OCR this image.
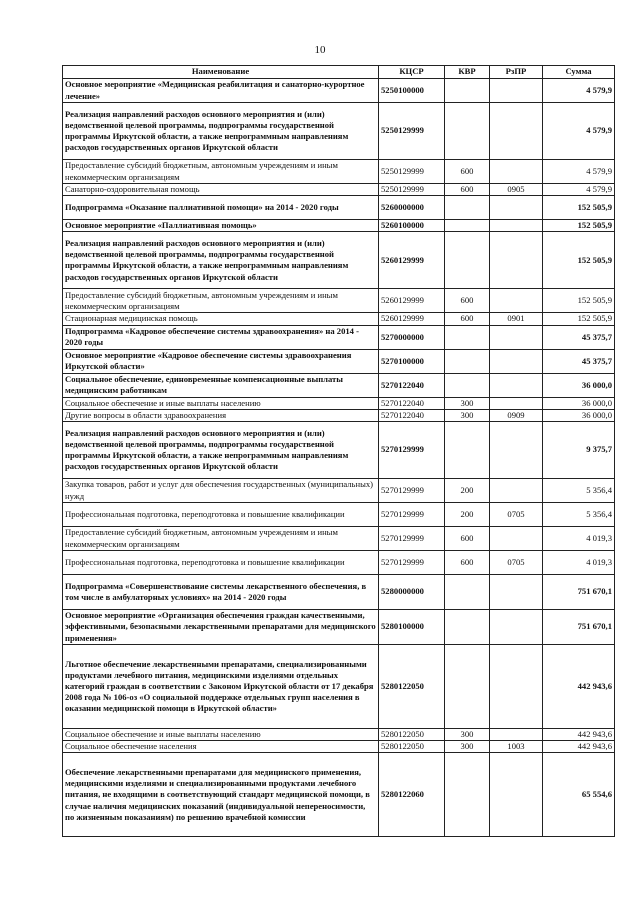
10
Наименование	КЦСР	КВР	РзПР	Сумма
Основное мероприятие «Медицинская реабилитация и санаторно-курортное лечение»	5250100000			4 579,9
Реализация направлений расходов основного мероприятия и (или) ведомственной целевой программы, подпрограммы государственной программы Иркутской области, а также непрограммным направлениям расходов государственных органов Иркутской области	5250129999			4 579,9
Предоставление субсидий бюджетным, автономным учреждениям и иным некоммерческим организациям	5250129999	600		4 579,9
Санаторно-оздоровительная помощь	5250129999	600	0905	4 579,9
Подпрограмма «Оказание паллиативной помощи» на 2014 - 2020 годы	5260000000			152 505,9
Основное мероприятие «Паллиативная помощь»	5260100000			152 505,9
Реализация направлений расходов основного мероприятия и (или) ведомственной целевой программы, подпрограммы государственной программы Иркутской области, а также непрограммным направлениям расходов государственных органов Иркутской области	5260129999			152 505,9
Предоставление субсидий бюджетным, автономным учреждениям и иным некоммерческим организациям	5260129999	600		152 505,9
Стационарная медицинская помощь	5260129999	600	0901	152 505,9
Подпрограмма «Кадровое обеспечение системы здравоохранения» на 2014 - 2020 годы	5270000000			45 375,7
Основное мероприятие «Кадровое обеспечение системы здравоохранения Иркутской области»	5270100000			45 375,7
Социальное обеспечение, единовременные компенсационные выплаты медицинским работникам	5270122040			36 000,0
Социальное обеспечение и иные выплаты населению	5270122040	300		36 000,0
Другие вопросы в области здравоохранения	5270122040	300	0909	36 000,0
Реализация направлений расходов основного мероприятия и (или) ведомственной целевой программы, подпрограммы государственной программы Иркутской области, а также непрограммным направлениям расходов государственных органов Иркутской области	5270129999			9 375,7
Закупка товаров, работ и услуг для обеспечения государственных (муниципальных) нужд	5270129999	200		5 356,4
Профессиональная подготовка, переподготовка и повышение квалификации	5270129999	200	0705	5 356,4
Предоставление субсидий бюджетным, автономным учреждениям и иным некоммерческим организациям	5270129999	600		4 019,3
Профессиональная подготовка, переподготовка и повышение квалификации	5270129999	600	0705	4 019,3
Подпрограмма «Совершенствование системы лекарственного обеспечения, в том числе в амбулаторных условиях» на 2014 - 2020 годы	5280000000			751 670,1
Основное мероприятие «Организация обеспечения граждан качественными, эффективными, безопасными лекарственными препаратами для медицинского применения»	5280100000			751 670,1
Льготное обеспечение лекарственными препаратами, специализированными продуктами лечебного питания, медицинскими изделиями отдельных категорий граждан в соответствии с Законом Иркутской области от 17 декабря 2008 года № 106-оз «О социальной поддержке отдельных групп населения в оказании медицинской помощи в Иркутской области»	5280122050			442 943,6
Социальное обеспечение и иные выплаты населению	5280122050	300		442 943,6
Социальное обеспечение населения	5280122050	300	1003	442 943,6
Обеспечение лекарственными препаратами для медицинского применения, медицинскими изделиями и специализированными продуктами лечебного питания, не входящими в соответствующий стандарт медицинской помощи, в случае наличия медицинских показаний (индивидуальной непереносимости, по жизненным показаниям) по решению врачебной комиссии	5280122060			65 554,6
